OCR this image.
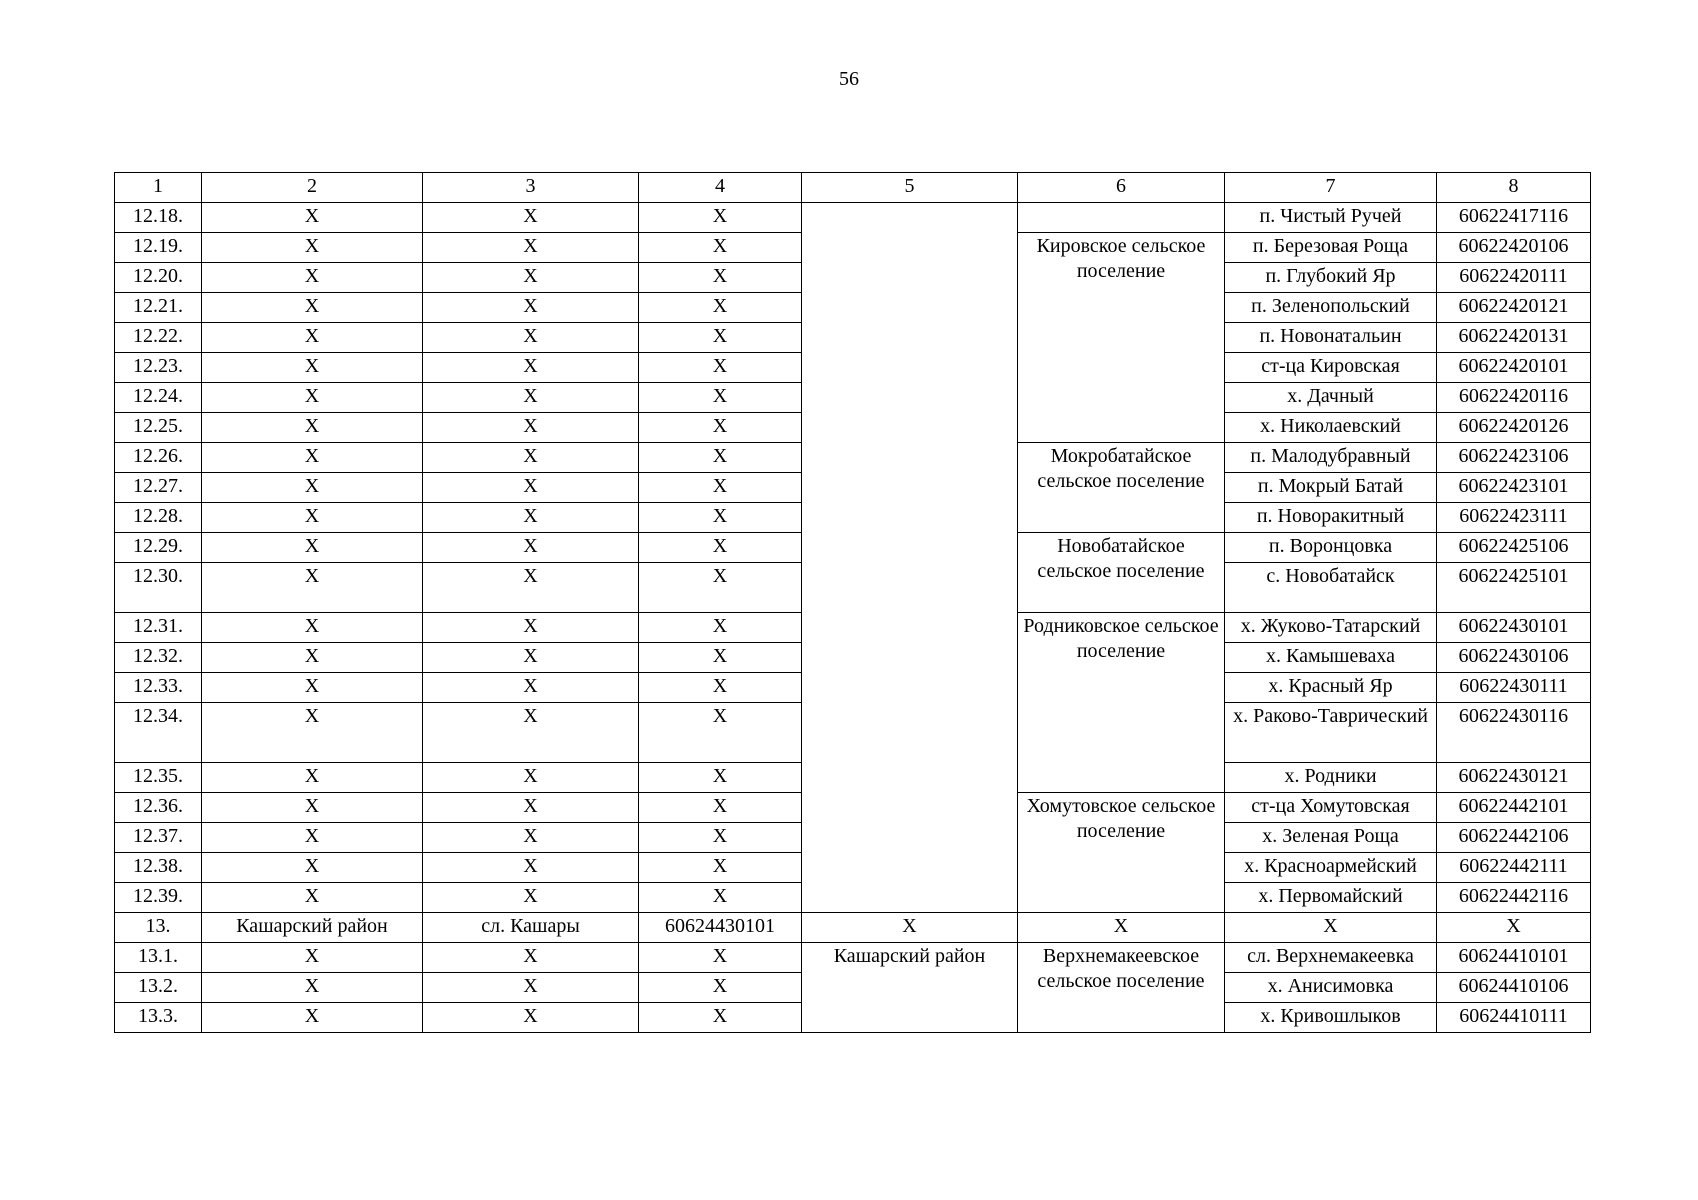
56
1	2	3	4	5	6	7	8
12.18.	X	X	X			п. Чистый Ручей	60622417116
12.19.	X	X	X		Кировское сельское поселение	п. Березовая Роща	60622420106
12.20.	X	X	X			п. Глубокий Яр	60622420111
12.21.	X	X	X			п. Зеленопольский	60622420121
12.22.	X	X	X			п. Новонатальин	60622420131
12.23.	X	X	X			ст-ца Кировская	60622420101
12.24.	X	X	X			х. Дачный	60622420116
12.25.	X	X	X			х. Николаевский	60622420126
12.26.	X	X	X		Мокробатайское сельское поселение	п. Малодубравный	60622423106
12.27.	X	X	X			п. Мокрый Батай	60622423101
12.28.	X	X	X			п. Новоракитный	60622423111
12.29.	X	X	X		Новобатайское сельское поселение	п. Воронцовка	60622425106
12.30.	X	X	X			с. Новобатайск	60622425101
12.31.	X	X	X		Родниковское сельское поселение	х. Жуково-Татарский	60622430101
12.32.	X	X	X			х. Камышеваха	60622430106
12.33.	X	X	X			х. Красный Яр	60622430111
12.34.	X	X	X			х. Раково-Таврический	60622430116
12.35.	X	X	X			х. Родники	60622430121
12.36.	X	X	X		Хомутовское сельское поселение	ст-ца Хомутовская	60622442101
12.37.	X	X	X			х. Зеленая Роща	60622442106
12.38.	X	X	X			х. Красноармейский	60622442111
12.39.	X	X	X			х. Первомайский	60622442116
13.	Кашарский район	сл. Кашары	60624430101	X	X	X	X
13.1.	X	X	X	Кашарский район	Верхнемакеевское сельское поселение	сл. Верхнемакеевка	60624410101
13.2.	X	X	X			х. Анисимовка	60624410106
13.3.	X	X	X			х. Кривошлыков	60624410111
